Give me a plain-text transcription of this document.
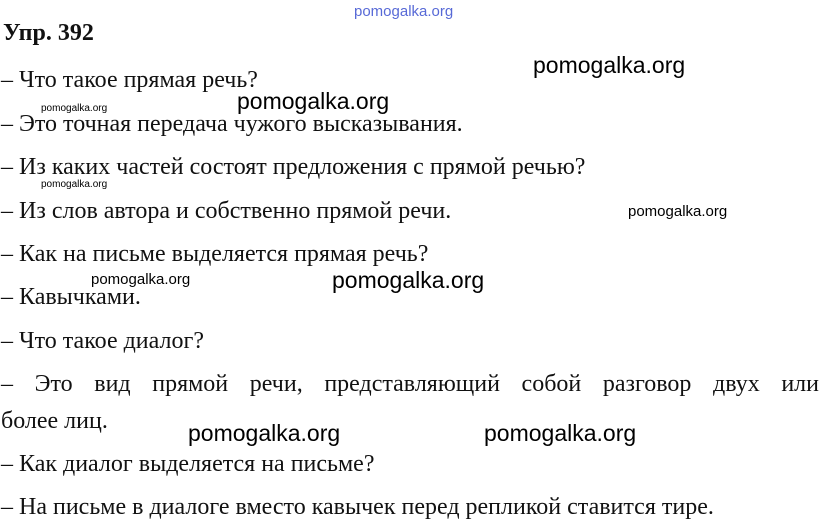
Упр. 392
– Что такое прямая речь?
– Это точная передача чужого высказывания.
– Из каких частей состоят предложения с прямой речью?
– Из слов автора и собственно прямой речи.
– Как на письме выделяется прямая речь?
– Кавычками.
– Что такое диалог?
– Это вид прямой речи, представляющий собой разговор двух или
более лиц.
– Как диалог выделяется на письме?
– На письме в диалоге вместо кавычек перед репликой ставится тире.
pomogalka.org
pomogalka.org
pomogalka.org
pomogalka.org
pomogalka.org
pomogalka.org
pomogalka.org	pomogalka.org
pomogalka.org	pomogalka.org
